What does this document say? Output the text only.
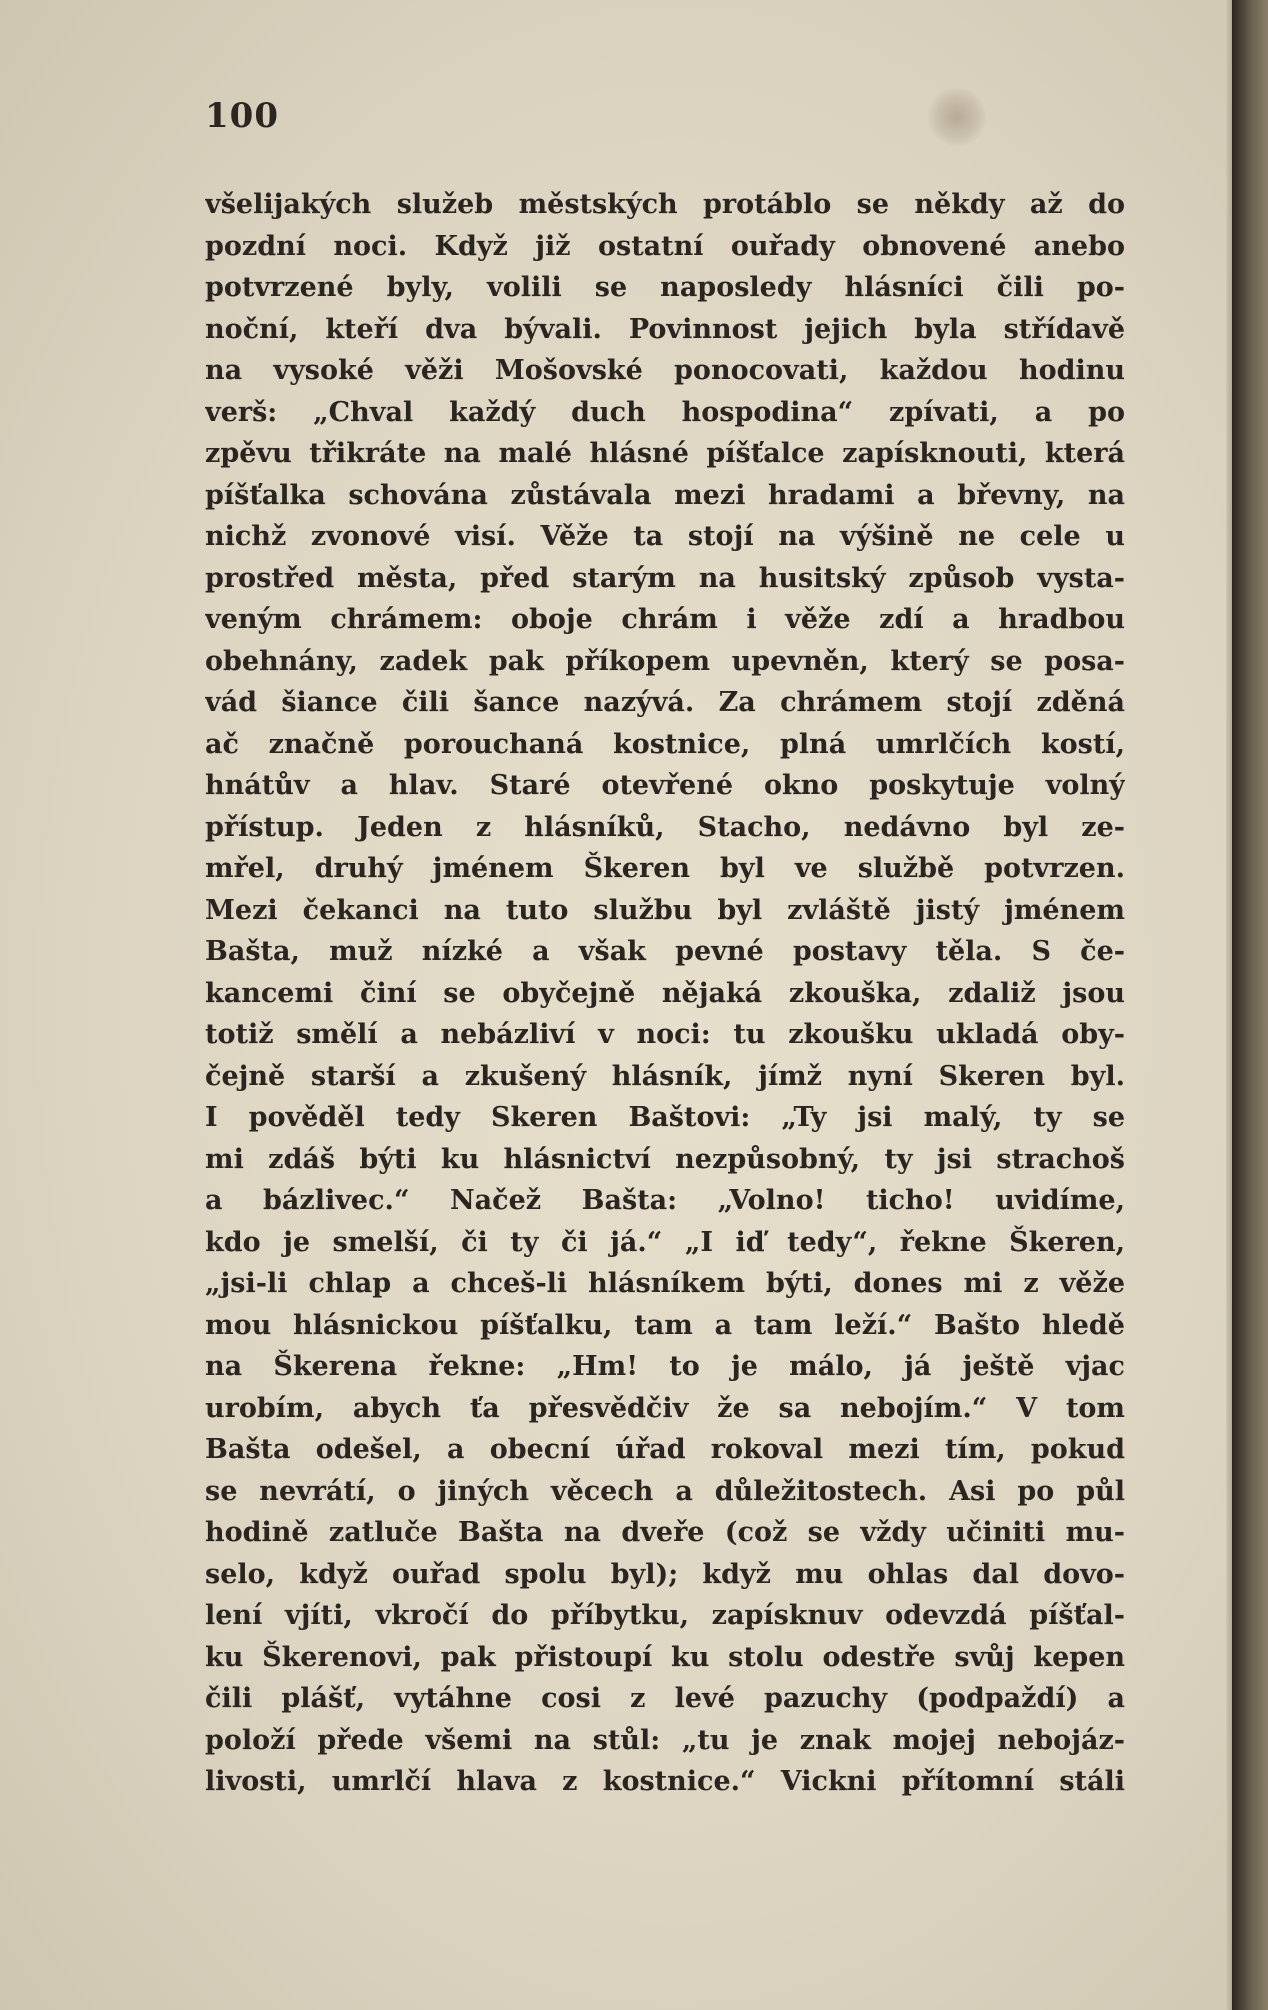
100
všelijakých služeb městských protáblo se někdy až do
pozdní noci. Když již ostatní ouřady obnovené anebo
potvrzené byly, volili se naposledy hlásníci čili po-
noční, kteří dva bývali. Povinnost jejich byla střídavě
na vysoké věži Mošovské ponocovati, každou hodinu
verš: „Chval každý duch hospodina“ zpívati, a po
zpěvu třikráte na malé hlásné píšťalce zapísknouti, která
píšťalka schována zůstávala mezi hradami a břevny, na
nichž zvonové visí. Věže ta stojí na výšině ne cele u
prostřed města, před starým na husitský způsob vysta-
veným chrámem: oboje chrám i věže zdí a hradbou
obehnány, zadek pak příkopem upevněn, který se posa-
vád šiance čili šance nazývá. Za chrámem stojí zděná
ač značně porouchaná kostnice, plná umrlčích kostí,
hnátův a hlav. Staré otevřené okno poskytuje volný
přístup. Jeden z hlásníků, Stacho, nedávno byl ze-
mřel, druhý jménem Škeren byl ve službě potvrzen.
Mezi čekanci na tuto službu byl zvláště jistý jménem
Bašta, muž nízké a však pevné postavy těla. S če-
kancemi činí se obyčejně nějaká zkouška, zdaliž jsou
totiž smělí a nebázliví v noci: tu zkoušku ukladá oby-
čejně starší a zkušený hlásník, jímž nyní Skeren byl.
I pověděl tedy Skeren Baštovi: „Ty jsi malý, ty se
mi zdáš býti ku hlásnictví nezpůsobný, ty jsi strachoš
a bázlivec.“ Načež Bašta: „Volno! ticho! uvidíme,
kdo je smelší, či ty či já.“ „I iď tedy“, řekne Škeren,
„jsi-li chlap a chceš-li hlásníkem býti, dones mi z věže
mou hlásnickou píšťalku, tam a tam leží.“ Bašto hledě
na Škerena řekne: „Hm! to je málo, já ještě vjac
urobím, abych ťa přesvědčiv že sa nebojím.“ V tom
Bašta odešel, a obecní úřad rokoval mezi tím, pokud
se nevrátí, o jiných věcech a důležitostech. Asi po půl
hodině zatluče Bašta na dveře (což se vždy učiniti mu-
selo, když ouřad spolu byl); když mu ohlas dal dovo-
lení vjíti, vkročí do příbytku, zapísknuv odevzdá píšťal-
ku Škerenovi, pak přistoupí ku stolu odestře svůj kepen
čili plášť, vytáhne cosi z levé pazuchy (podpaždí) a
položí přede všemi na stůl: „tu je znak mojej nebojáz-
livosti, umrlčí hlava z kostnice.“ Vickni přítomní stáli
